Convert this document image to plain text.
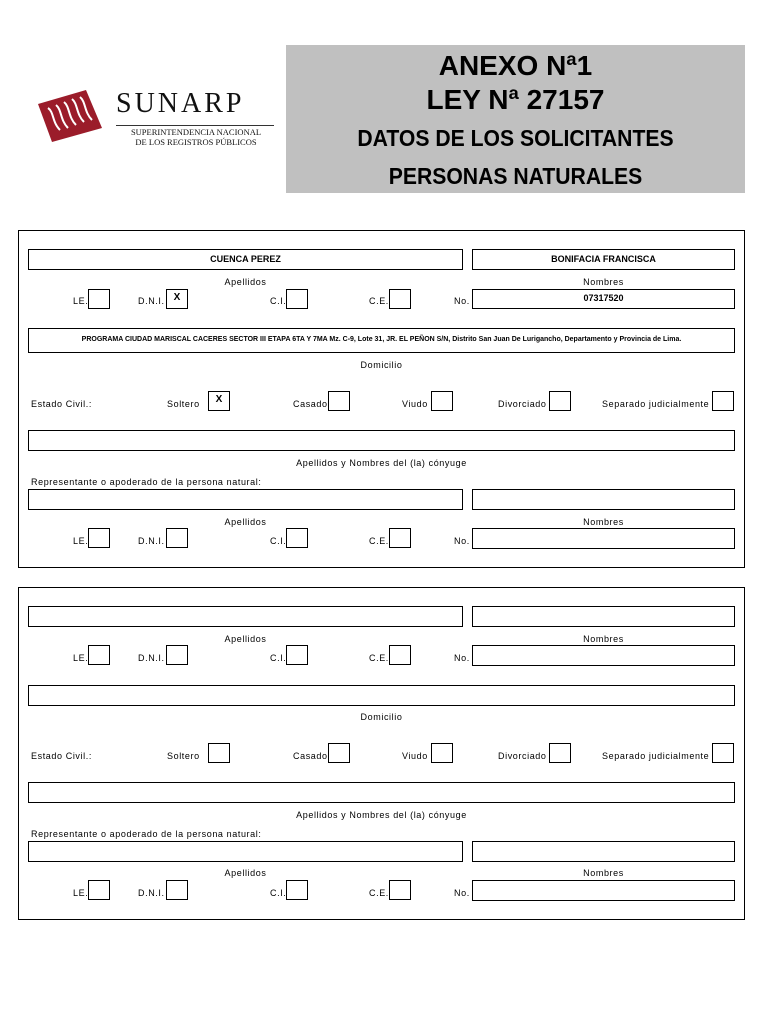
SUNARP
SUPERINTENDENCIA NACIONAL
DE LOS REGISTROS PÚBLICOS
ANEXO Nª1
LEY Nª 27157
DATOS DE LOS SOLICITANTES
PERSONAS NATURALES
CUENCA PEREZ	BONIFACIA FRANCISCA
Apellidos	Nombres
LE.	D.N.I. X	C.I.	C.E.	No.	07317520
PROGRAMA CIUDAD MARISCAL CACERES SECTOR III ETAPA 6TA Y 7MA Mz. C-9, Lote 31, JR. EL PEÑON S/N, Distrito San Juan De Lurigancho, Departamento y Provincia de Lima.
Domicilio
Estado Civil.:	Soltero	X	Casado	Viudo	Divorciado	Separado judicialmente
Apellidos y Nombres del (la) cónyuge
Representante o apoderado de la persona natural:
Apellidos	Nombres
LE.	D.N.I.	C.I.	C.E.	No.
Apellidos	Nombres
LE.	D.N.I.	C.I.	C.E.	No.
Domicilio
Estado Civil.:	Soltero	Casado	Viudo	Divorciado	Separado judicialmente
Apellidos y Nombres del (la) cónyuge
Representante o apoderado de la persona natural:
Apellidos	Nombres
LE.	D.N.I.	C.I.	C.E.	No.
